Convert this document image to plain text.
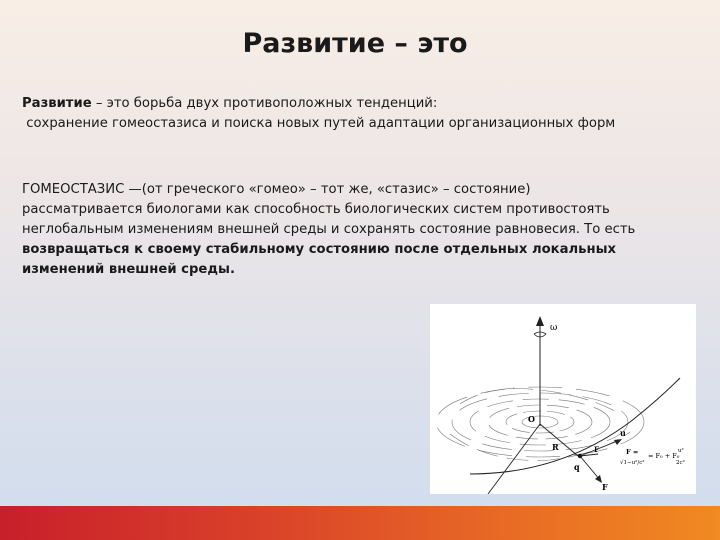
Развитие – это
Развитие – это борьба двух противоположных тенденций:
сохранение гомеостазиса и поиска новых путей адаптации организационных форм
ГОМЕОСТАЗИС —(от греческого «гомео» – тот же, «стазис» – состояние)
рассматривается биологами как способность биологических систем противостоять
неглобальным изменениям внешней среды и сохранять состояние равновесия. То есть
возвращаться к своему стабильному состоянию после отдельных локальных
изменений внешней среды.
ω
O
R
u
q
F
F
F = = F₀ + F₀
√1−u²/c²
u²
2c²
